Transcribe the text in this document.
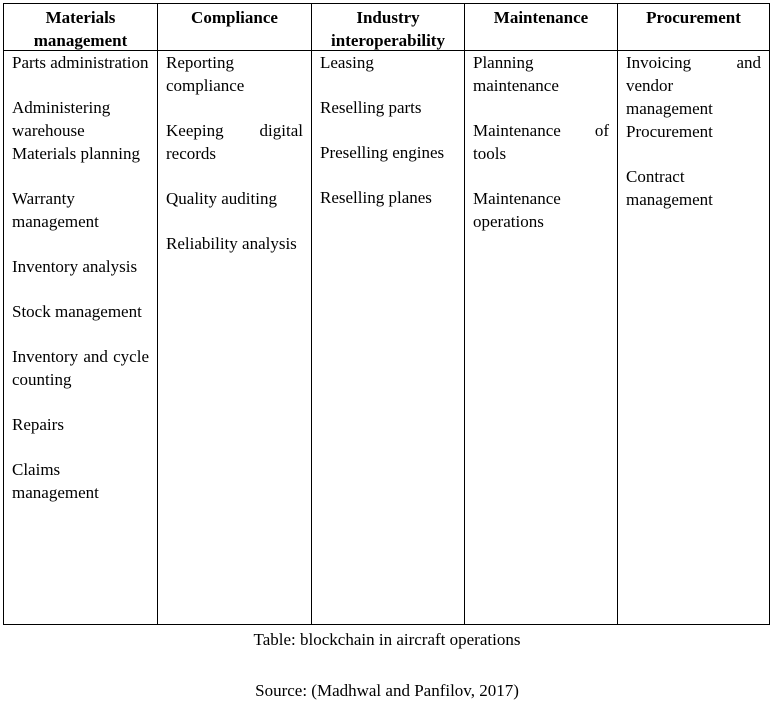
Materials management
Compliance	Industry interoperability
Maintenance	Procurement
Parts administration
Administering warehouse
Materials planning
Warranty management
Inventory analysis
Stock management
Inventory and cycle counting
Repairs
Claims management
Reporting compliance
Keeping digital records
Quality auditing
Reliability analysis
Leasing
Reselling parts
Preselling engines
Reselling planes
Planning maintenance
Maintenance of tools
Maintenance operations
Invoicing and vendor management
Procurement
Contract management
Table: blockchain in aircraft operations
Source: (Madhwal and Panfilov, 2017)
